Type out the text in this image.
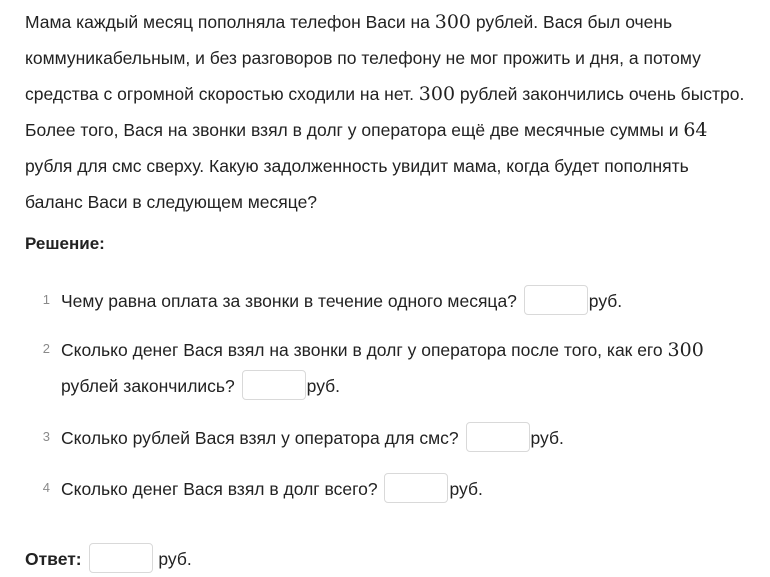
Мама каждый месяц пополняла телефон Васи на 300 рублей. Вася был очень коммуникабельным, и без разговоров по телефону не мог прожить и дня, а потому средства с огромной скоростью сходили на нет. 300 рублей закончились очень быстро. Более того, Вася на звонки взял в долг у оператора ещё две месячные суммы и 64 рубля для смс сверху. Какую задолженность увидит мама, когда будет пополнять баланс Васи в следующем месяце?

Решение:

1 Чему равна оплата за звонки в течение одного месяца?	руб.
2 Сколько денег Вася взял на звонки в долг у оператора после того, как его 300 рублей закончились?	руб.
3 Сколько рублей Вася взял у оператора для смс?	руб.
4 Сколько денег Вася взял в долг всего?	руб.
Ответ:	руб.
